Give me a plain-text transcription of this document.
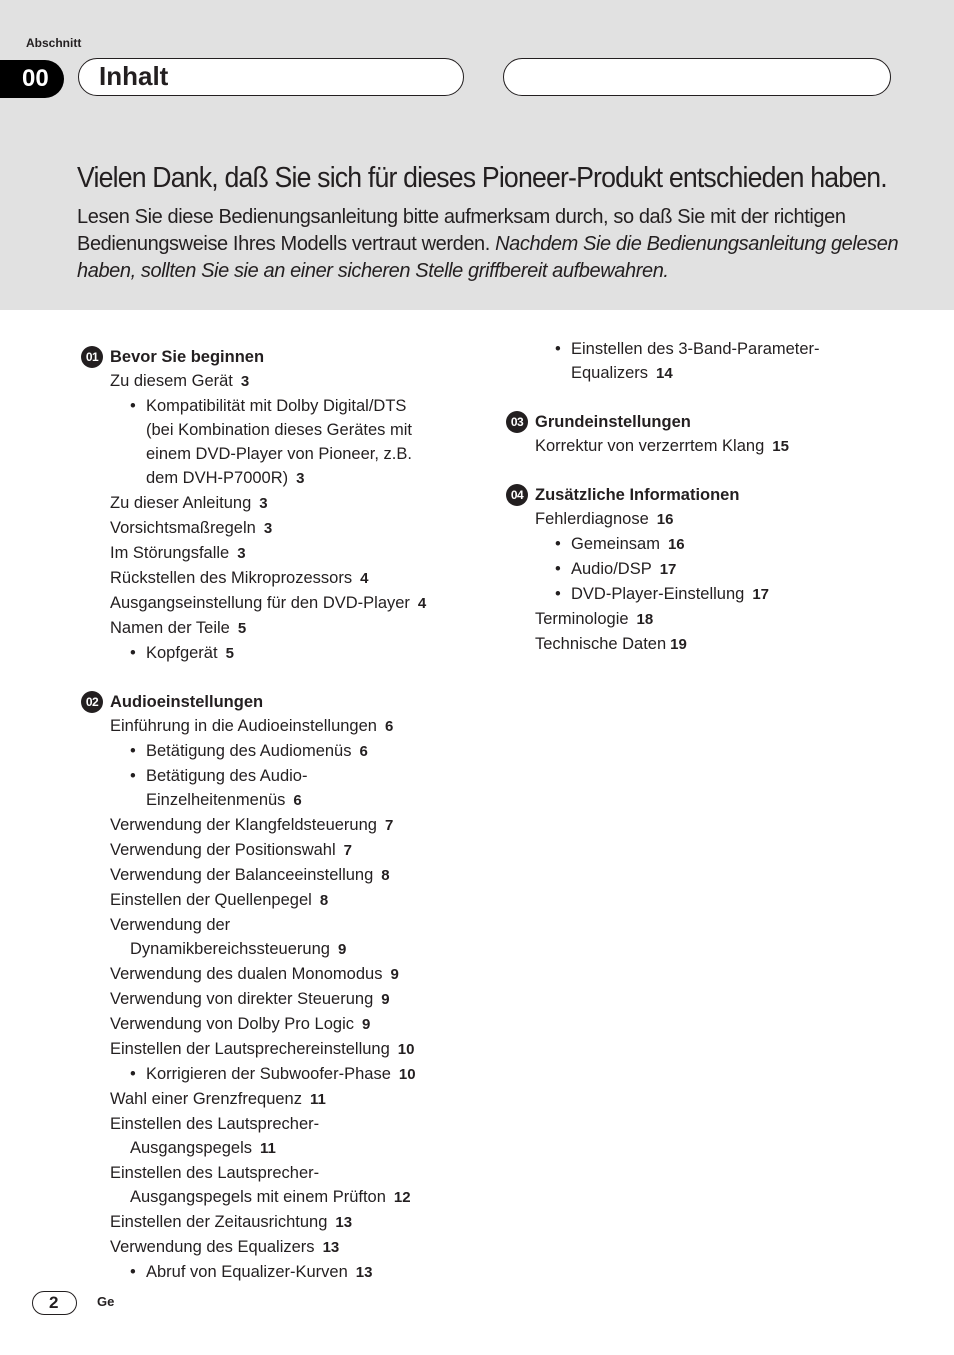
Abschnitt
00	Inhalt
Vielen Dank, daß Sie sich für dieses Pioneer-Produkt entschieden haben.
Lesen Sie diese Bedienungsanleitung bitte aufmerksam durch, so daß Sie mit der richtigen Bedienungsweise Ihres Modells vertraut werden. Nachdem Sie die Bedienungsanleitung gelesen haben, sollten Sie sie an einer sicheren Stelle griffbereit aufbewahren.
01 Bevor Sie beginnen
Zu diesem Gerät 3
• Kompatibilität mit Dolby Digital/DTS
(bei Kombination dieses Gerätes mit
einem DVD-Player von Pioneer, z.B.
dem DVH-P7000R) 3
Zu dieser Anleitung 3
Vorsichtsmaßregeln 3
Im Störungsfalle 3
Rückstellen des Mikroprozessors 4
Ausgangseinstellung für den DVD-Player 4
Namen der Teile 5
• Kopfgerät 5
02 Audioeinstellungen
Einführung in die Audioeinstellungen 6
• Betätigung des Audiomenüs 6
• Betätigung des Audio-
Einzelheitenmenüs 6
Verwendung der Klangfeldsteuerung 7
Verwendung der Positionswahl 7
Verwendung der Balanceeinstellung 8
Einstellen der Quellenpegel 8
Verwendung der
Dynamikbereichssteuerung 9
Verwendung des dualen Monomodus 9
Verwendung von direkter Steuerung 9
Verwendung von Dolby Pro Logic 9
Einstellen der Lautsprechereinstellung 10
• Korrigieren der Subwoofer-Phase 10
Wahl einer Grenzfrequenz 11
Einstellen des Lautsprecher-
Ausgangspegels 11
Einstellen des Lautsprecher-
Ausgangspegels mit einem Prüfton 12
Einstellen der Zeitausrichtung 13
Verwendung des Equalizers 13
• Abruf von Equalizer-Kurven 13
• Einstellen des 3-Band-Parameter-
Equalizers 14
03 Grundeinstellungen
Korrektur von verzerrtem Klang 15
04 Zusätzliche Informationen
Fehlerdiagnose 16
• Gemeinsam 16
• Audio/DSP 17
• DVD-Player-Einstellung 17
Terminologie 18
Technische Daten 19
2	Ge
